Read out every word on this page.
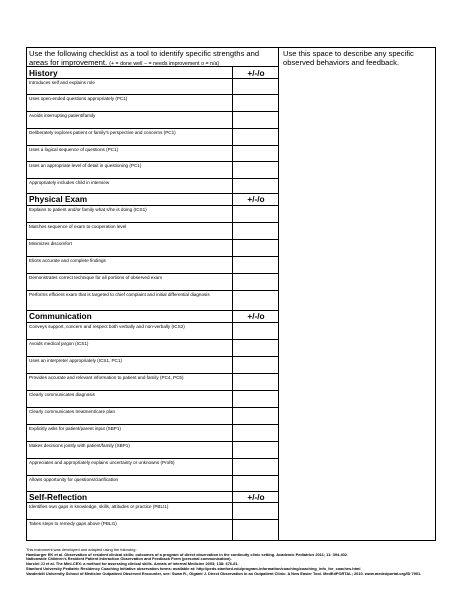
Use the following checklist as a tool to identify specific strengths and areas for improvement. (+ = done well − = needs improvement o = n/a)
Use this space to describe any specific observed behaviors and feedback.
History	+/-/o
Introduces self and explains role
Uses open-ended questions appropriately (PC1)
Avoids interrupting patient/family
Deliberately explores patient or family's perspective and concerns (PC1)
Uses a logical sequence of questions (PC1)
Uses an appropriate level of detail in questioning (PC1)
Appropriately includes child in interview
Physical Exam	+/-/o
Explains to patient and/or family what s/he is doing (ICS1)
Matches sequence of exam to cooperation level
Minimizes discomfort
Elicits accurate and complete findings
Demonstrates correct technique for all portions of observed exam
Performs efficient exam that is targeted to chief complaint and initial differential diagnosis
Communication	+/-/o
Conveys support, concern and respect both verbally and non-verbally (ICS2)
Avoids medical jargon (ICS1)
Uses an interpreter appropriately (ICS1, PC1)
Provides accurate and relevant information to patient and family (PC4, PC5)
Clearly communicates diagnosis
Clearly communicates treatment/care plan
Explicitly asks for patient/parent input (SBP1)
Makes decisions jointly with patient/family (SBP1)
Appreciates and appropriately explains uncertainty or unknowns (Prof6)
Allows opportunity for questions/clarification
Self-Reflection	+/-/o
Identifies own gaps in knowledge, skills, attitudes or practice (PBLI1)
Takes steps to remedy gaps above (PBLI1)
This instrument was developed and adapted using the following:
Hamburger EK et al. Observation of resident clinical skills: outcomes of a program of direct observation in the continuity clinic setting. Academic Pediatrics 2011; 11: 394-402.
Nationwide Children's Resident Patient Interaction Observation and Feedback Form (personal communication).
Norcini JJ et al. The Mini-CEX: a method for assessing clinical skills. Annals of Internal Medicine 2003; 138: 476-81.
Stanford University Pediatric Residency Coaching Initiative observation forms: available at: http://peds.stanford.edu/program-information/coaching/coaching_info_for_coaches.html
Vanderbilt University School of Medicine Outpatient Observed Encounter, see: Swan R., Giganti J. Direct Observation in an Outpatient Clinic: A New Easier Tool. MedEdPORTAL; 2010. www.mededportal.org/ID 7901.
